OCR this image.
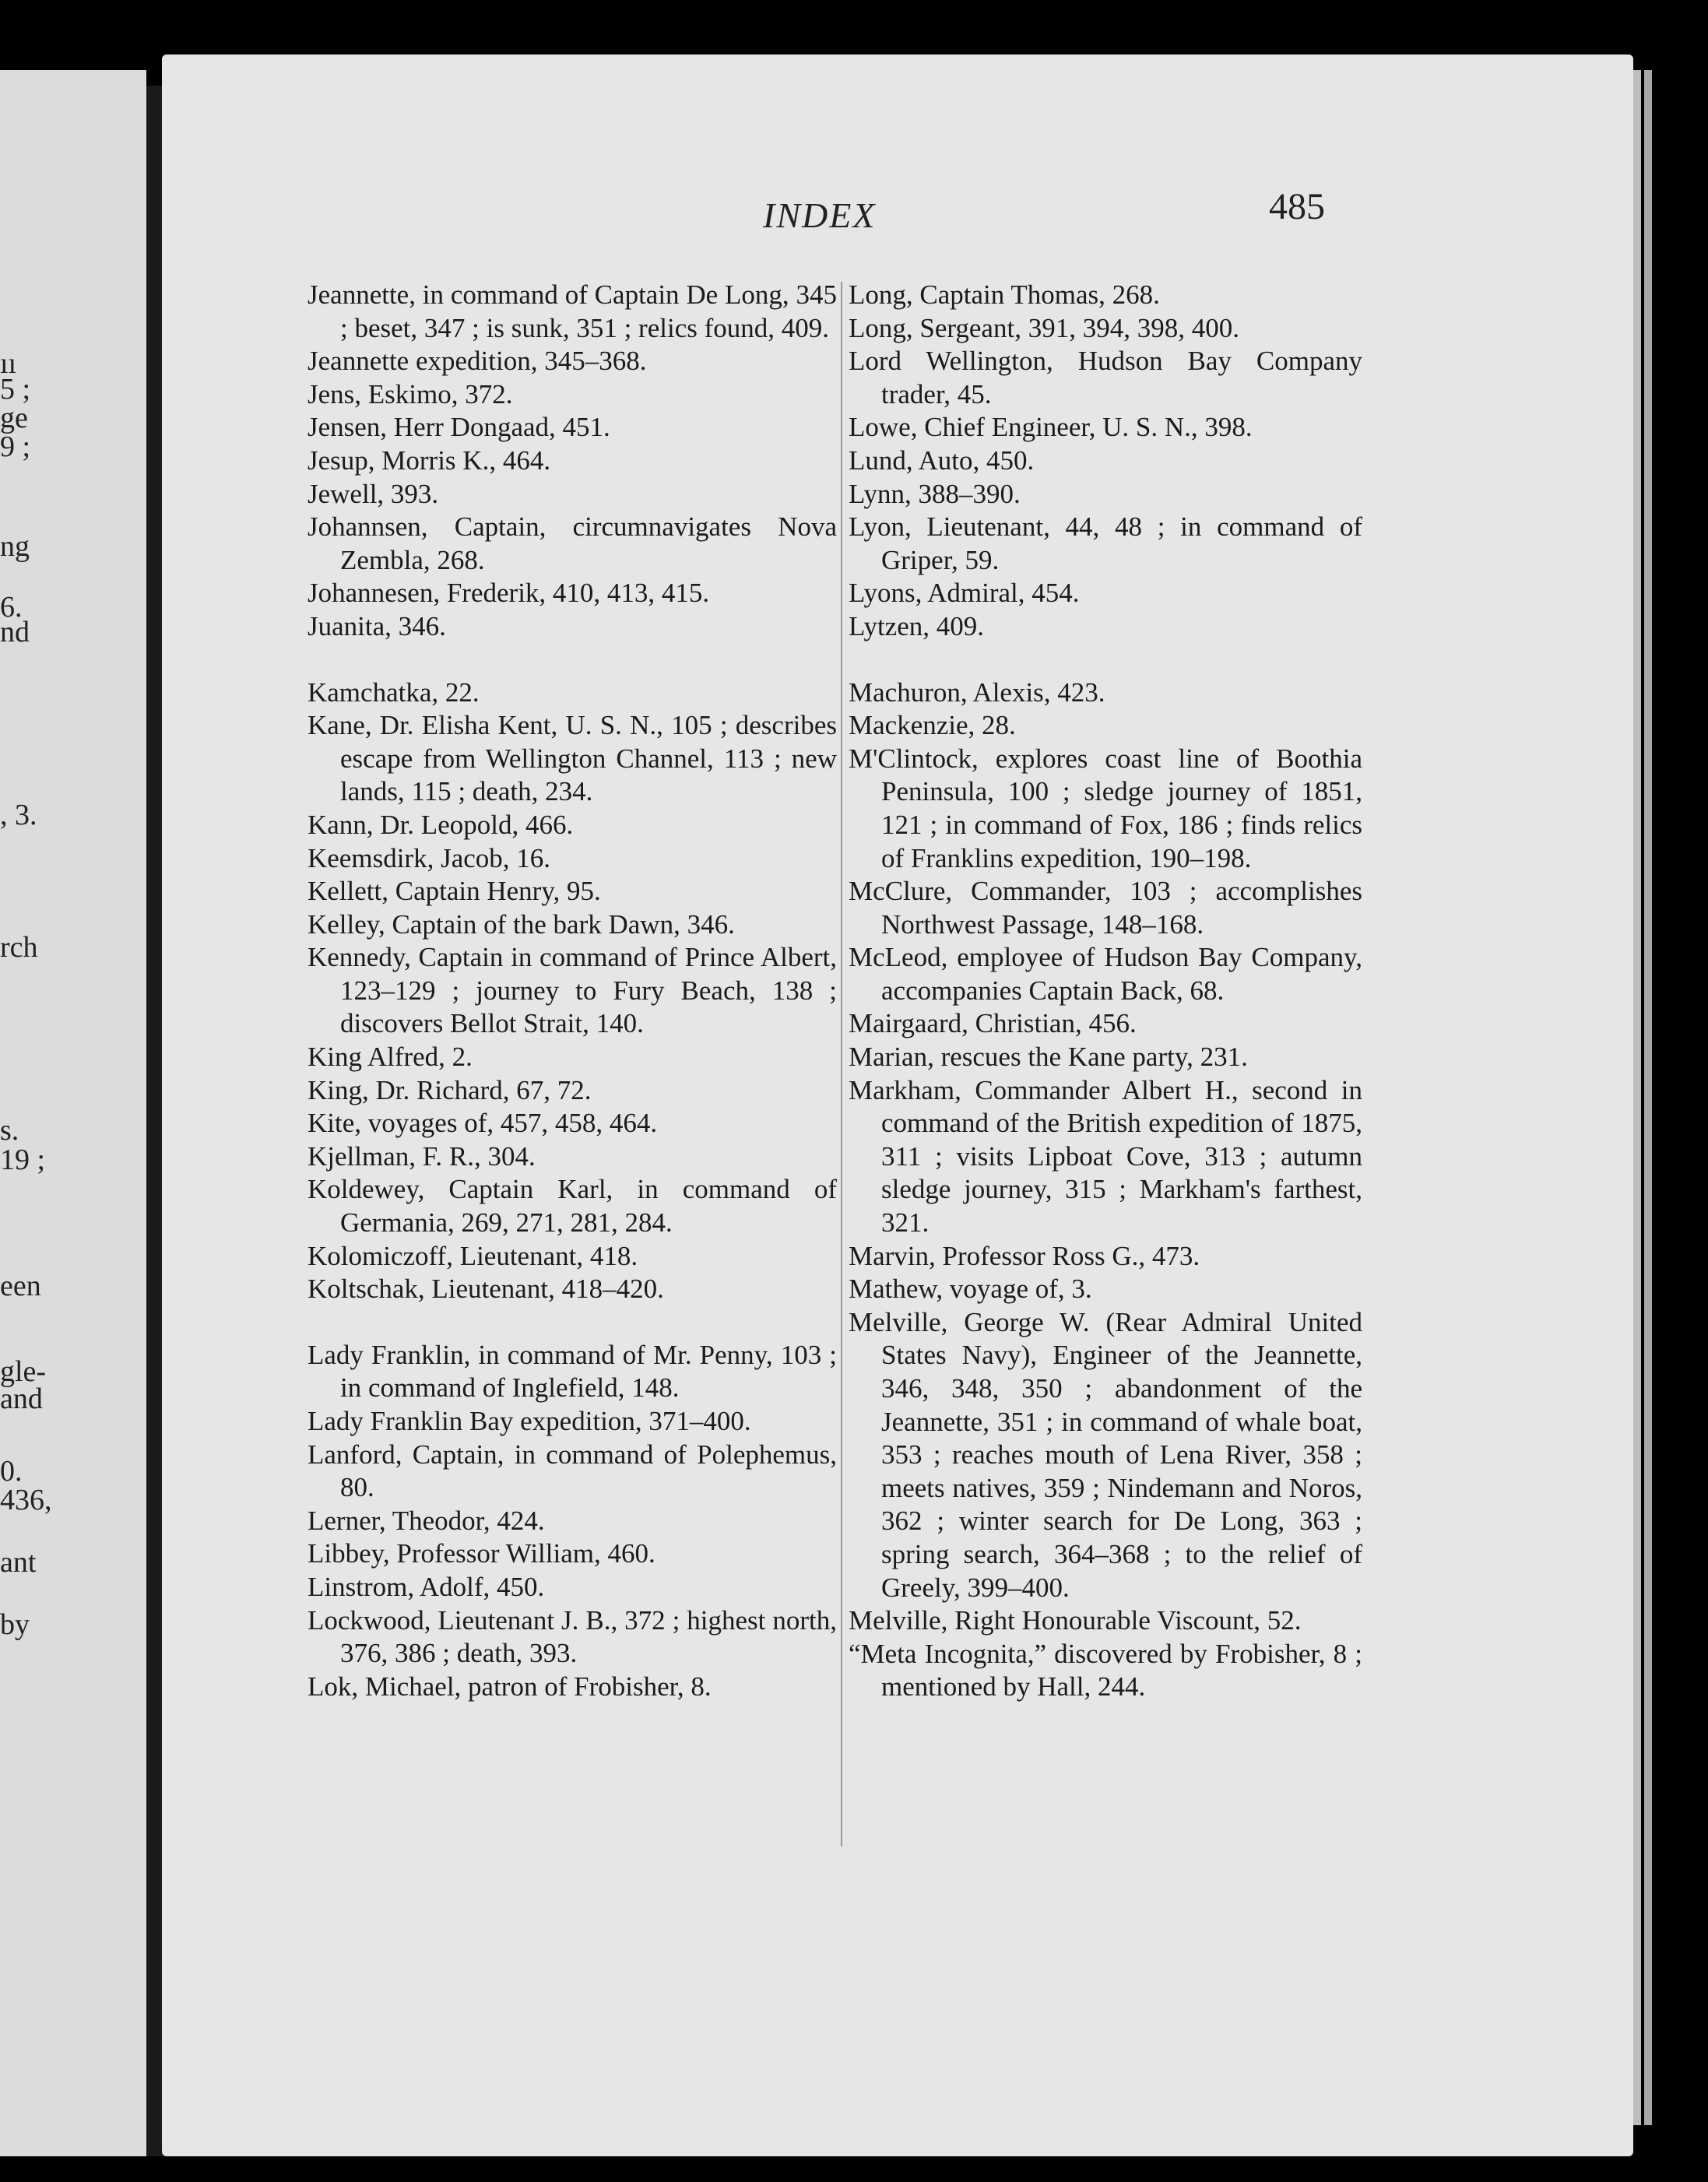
ıı
5 ;
ge
9 ;
ng
6.
nd
, 3.
rch
s.
19 ;
een
gle-
and
0.
436,
ant
by
INDEX	485

Jeannette, in command of Captain De Long, 345 ; beset, 347 ; is sunk, 351 ; relics found, 409.

Jeannette expedition, 345–368.

Jens, Eskimo, 372.

Jensen, Herr Dongaad, 451.

Jesup, Morris K., 464.

Jewell, 393.

Johannsen, Captain, circumnavigates Nova Zembla, 268.

Johannesen, Frederik, 410, 413, 415.

Juanita, 346.

Kamchatka, 22.

Kane, Dr. Elisha Kent, U. S. N., 105 ; describes escape from Wellington Channel, 113 ; new lands, 115 ; death, 234.

Kann, Dr. Leopold, 466.

Keemsdirk, Jacob, 16.

Kellett, Captain Henry, 95.

Kelley, Captain of the bark Dawn, 346.

Kennedy, Captain in command of Prince Albert, 123–129 ; journey to Fury Beach, 138 ; discovers Bellot Strait, 140.

King Alfred, 2.

King, Dr. Richard, 67, 72.

Kite, voyages of, 457, 458, 464.

Kjellman, F. R., 304.

Koldewey, Captain Karl, in command of Germania, 269, 271, 281, 284.

Kolomiczoff, Lieutenant, 418.

Koltschak, Lieutenant, 418–420.

Lady Franklin, in command of Mr. Penny, 103 ; in command of Inglefield, 148.

Lady Franklin Bay expedition, 371–400.

Lanford, Captain, in command of Polephemus, 80.

Lerner, Theodor, 424.

Libbey, Professor William, 460.

Linstrom, Adolf, 450.

Lockwood, Lieutenant J. B., 372 ; highest north, 376, 386 ; death, 393.

Lok, Michael, patron of Frobisher, 8.

Long, Captain Thomas, 268.

Long, Sergeant, 391, 394, 398, 400.

Lord Wellington, Hudson Bay Company trader, 45.

Lowe, Chief Engineer, U. S. N., 398.

Lund, Auto, 450.

Lynn, 388–390.

Lyon, Lieutenant, 44, 48 ; in command of Griper, 59.

Lyons, Admiral, 454.

Lytzen, 409.

Machuron, Alexis, 423.

Mackenzie, 28.

M'Clintock, explores coast line of Boothia Peninsula, 100 ; sledge journey of 1851, 121 ; in command of Fox, 186 ; finds relics of Franklins expedition, 190–198.

McClure, Commander, 103 ; accomplishes Northwest Passage, 148–168.

McLeod, employee of Hudson Bay Company, accompanies Captain Back, 68.

Mairgaard, Christian, 456.

Marian, rescues the Kane party, 231.

Markham, Commander Albert H., second in command of the British expedition of 1875, 311 ; visits Lipboat Cove, 313 ; autumn sledge journey, 315 ; Markham's farthest, 321.

Marvin, Professor Ross G., 473.

Mathew, voyage of, 3.

Melville, George W. (Rear Admiral United States Navy), Engineer of the Jeannette, 346, 348, 350 ; abandonment of the Jeannette, 351 ; in command of whale boat, 353 ; reaches mouth of Lena River, 358 ; meets natives, 359 ; Nindemann and Noros, 362 ; winter search for De Long, 363 ; spring search, 364–368 ; to the relief of Greely, 399–400.

Melville, Right Honourable Viscount, 52.

“Meta Incognita,” discovered by Frobisher, 8 ; mentioned by Hall, 244.
